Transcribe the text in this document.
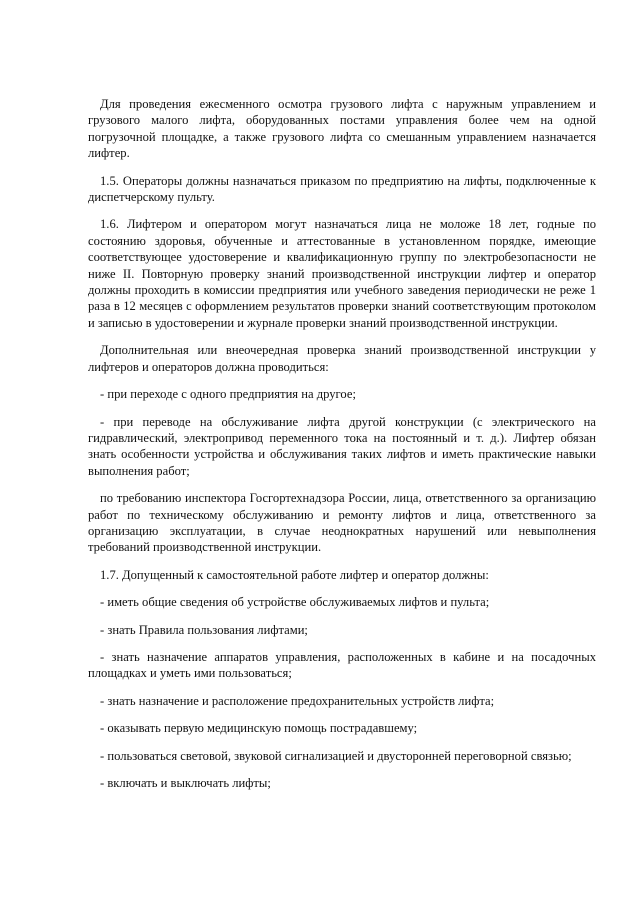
Для проведения ежесменного осмотра грузового лифта с наружным управлением и грузового малого лифта, оборудованных постами управления более чем на одной погрузочной площадке, а также грузового лифта со смешанным управлением назначается лифтер.

1.5. Операторы должны назначаться приказом по предприятию на лифты, подключенные к диспетчерскому пульту.

1.6. Лифтером и оператором могут назначаться лица не моложе 18 лет, годные по состоянию здоровья, обученные и аттестованные в установленном порядке, имеющие соответствующее удостоверение и квалификационную группу по электробезопасности не ниже II. Повторную проверку знаний производственной инструкции лифтер и оператор должны проходить в комиссии предприятия или учебного заведения периодически не реже 1 раза в 12 месяцев с оформлением результатов проверки знаний соответствующим протоколом и записью в удостоверении и журнале проверки знаний производственной инструкции.

Дополнительная или внеочередная проверка знаний производственной инструкции у лифтеров и операторов должна проводиться:

- при переходе с одного предприятия на другое;

- при переводе на обслуживание лифта другой конструкции (с электрического на гидравлический, электропривод переменного тока на постоянный и т. д.). Лифтер обязан знать особенности устройства и обслуживания таких лифтов и иметь практические навыки выполнения работ;

по требованию инспектора Госгортехнадзора России, лица, ответственного за организацию работ по техническому обслуживанию и ремонту лифтов и лица, ответственного за организацию эксплуатации, в случае неоднократных нарушений или невыполнения требований производственной инструкции.

1.7. Допущенный к самостоятельной работе лифтер и оператор должны:

- иметь общие сведения об устройстве обслуживаемых лифтов и пульта;

- знать Правила пользования лифтами;

- знать назначение аппаратов управления, расположенных в кабине и на посадочных площадках и уметь ими пользоваться;

- знать назначение и расположение предохранительных устройств лифта;

- оказывать первую медицинскую помощь пострадавшему;

- пользоваться световой, звуковой сигнализацией и двусторонней переговорной связью;

- включать и выключать лифты;
